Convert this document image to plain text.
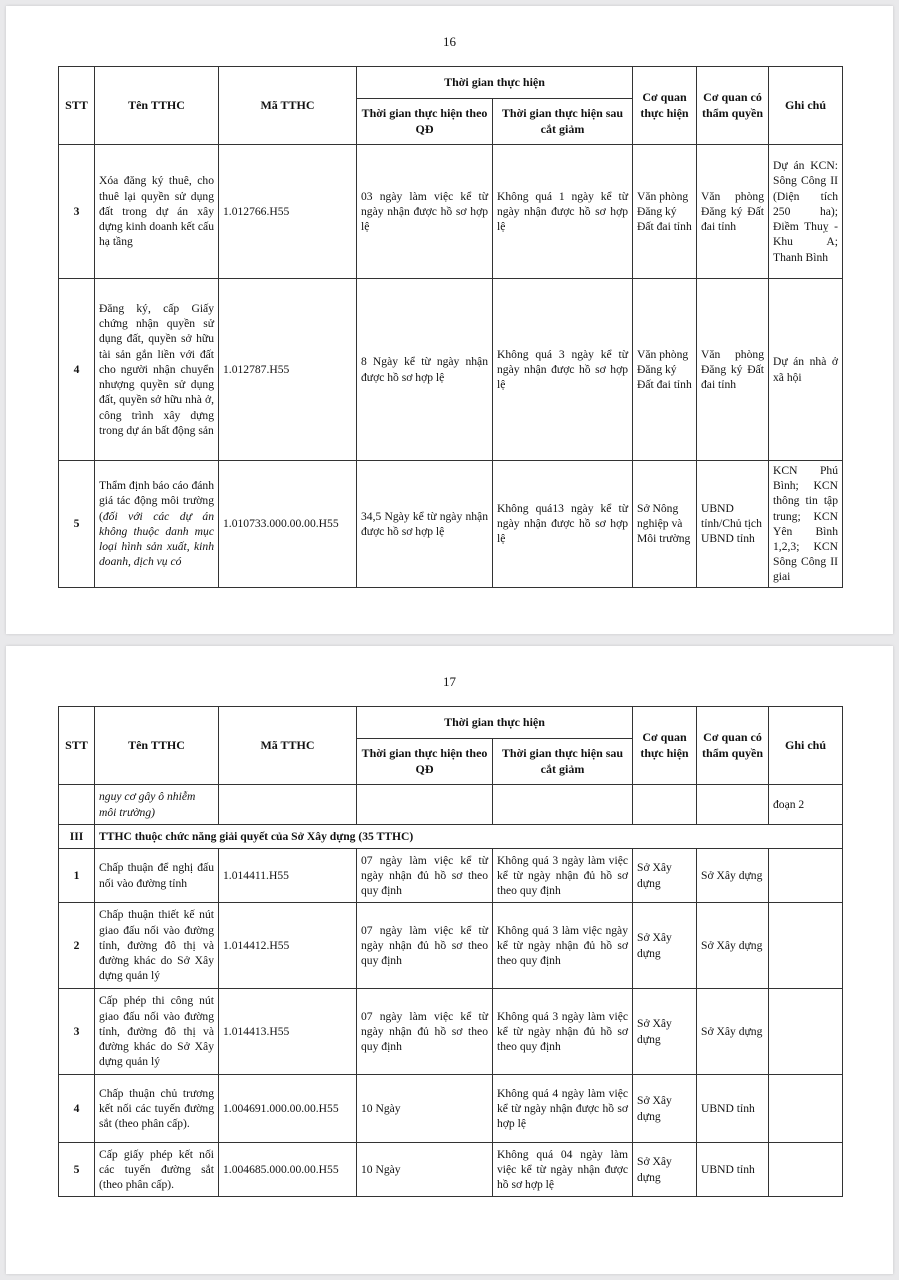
16
STT	Tên TTHC	Mã TTHC	Thời gian thực hiện		Cơ quan thực hiện	Cơ quan có thẩm quyền	Ghi chú
			Thời gian thực hiện theo QĐ	Thời gian thực hiện sau cắt giảm			
3	Xóa đăng ký thuê, cho thuê lại quyền sử dụng đất trong dự án xây dựng kinh doanh kết cấu hạ tầng	1.012766.H55	03 ngày làm việc kể từ ngày nhận được hồ sơ hợp lệ	Không quá 1 ngày kể từ ngày nhận được hồ sơ hợp lệ	Văn phòng Đăng ký Đất đai tỉnh	Văn phòng Đăng ký Đất đai tỉnh	Dự án KCN: Sông Công II (Diện tích 250 ha); Điềm Thuỵ - Khu A; Thanh Bình
4	Đăng ký, cấp Giấy chứng nhận quyền sử dụng đất, quyền sở hữu tài sản gắn liền với đất cho người nhận chuyển nhượng quyền sử dụng đất, quyền sở hữu nhà ở, công trình xây dựng trong dự án bất động sản	1.012787.H55	8 Ngày kể từ ngày nhận được hồ sơ hợp lệ	Không quá 3 ngày kể từ ngày nhận được hồ sơ hợp lệ	Văn phòng Đăng ký Đất đai tỉnh	Văn phòng Đăng ký Đất đai tỉnh	Dự án nhà ở xã hội
5	Thẩm định báo cáo đánh giá tác động môi trường (đối với các dự án không thuộc danh mục loại hình sản xuất, kinh doanh, dịch vụ có	1.010733.000.00.00.H55	34,5 Ngày kể từ ngày nhận được hồ sơ hợp lệ	Không quá13 ngày kể từ ngày nhận được hồ sơ hợp lệ	Sở Nông nghiệp và Môi trường	UBND tỉnh/Chủ tịch UBND tỉnh	KCN Phú Bình; KCN thông tin tập trung; KCN Yên Bình 1,2,3; KCN Sông Công II giai
17
STT	Tên TTHC	Mã TTHC	Thời gian thực hiện		Cơ quan thực hiện	Cơ quan có thẩm quyền	Ghi chú
			Thời gian thực hiện theo QĐ	Thời gian thực hiện sau cắt giảm			
	nguy cơ gây ô nhiễm môi trường)						đoạn 2
III	TTHC thuộc chức năng giải quyết của Sở Xây dựng (35 TTHC)						
1	Chấp thuận để nghị đấu nối vào đường tỉnh	1.014411.H55	07 ngày làm việc kể từ ngày nhận đủ hồ sơ theo quy định	Không quá 3 ngày làm việc kể từ ngày nhận đủ hồ sơ theo quy định	Sở Xây dựng	Sở Xây dựng	
2	Chấp thuận thiết kế nút giao đấu nối vào đường tỉnh, đường đô thị và đường khác do Sở Xây dựng quản lý	1.014412.H55	07 ngày làm việc kể từ ngày nhận đủ hồ sơ theo quy định	Không quá 3 làm việc ngày kể từ ngày nhận đủ hồ sơ theo quy định	Sở Xây dựng	Sở Xây dựng	
3	Cấp phép thi công nút giao đấu nối vào đường tỉnh, đường đô thị và đường khác do Sở Xây dựng quản lý	1.014413.H55	07 ngày làm việc kể từ ngày nhận đủ hồ sơ theo quy định	Không quá 3 ngày làm việc kể từ ngày nhận đủ hồ sơ theo quy định	Sở Xây dựng	Sở Xây dựng	
4	Chấp thuận chủ trương kết nối các tuyến đường sắt (theo phân cấp).	1.004691.000.00.00.H55	10 Ngày	Không quá 4 ngày làm việc kể từ ngày nhận được hồ sơ hợp lệ	Sở Xây dựng	UBND tỉnh	
5	Cấp giấy phép kết nối các tuyến đường sắt (theo phân cấp).	1.004685.000.00.00.H55	10 Ngày	Không quá 04 ngày làm việc kể từ ngày nhận được hồ sơ hợp lệ	Sở Xây dựng	UBND tỉnh	
